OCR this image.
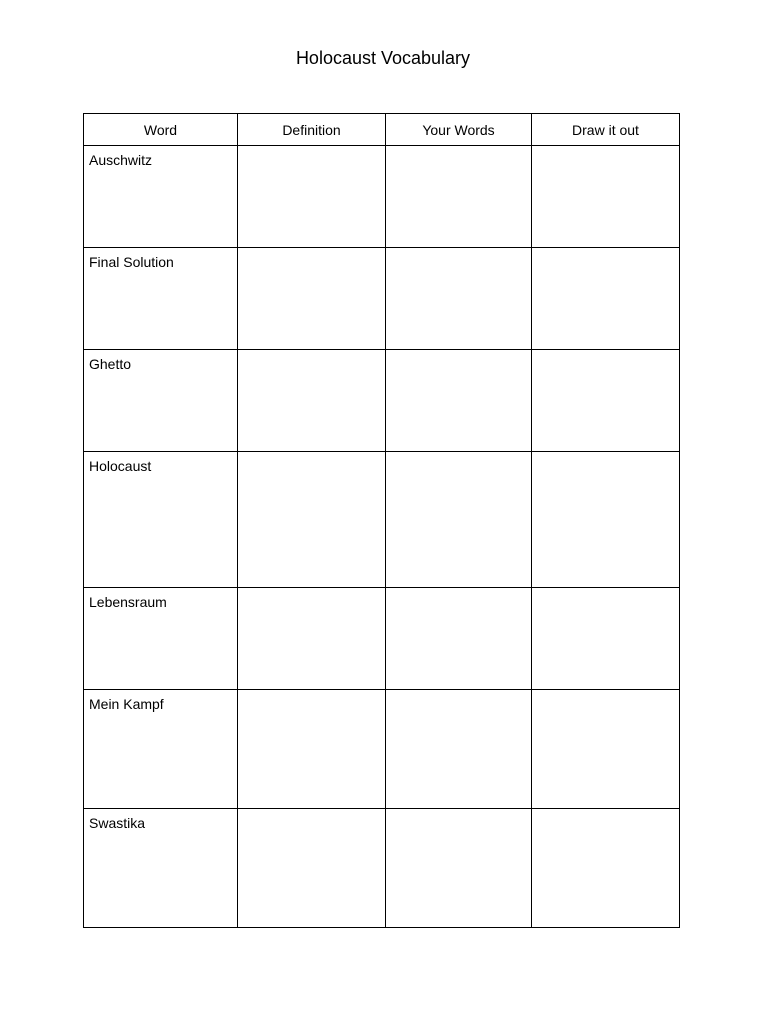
Holocaust Vocabulary
Word	Definition	Your Words	Draw it out
Auschwitz			
Final Solution			
Ghetto			
Holocaust			
Lebensraum			
Mein Kampf			
Swastika			
